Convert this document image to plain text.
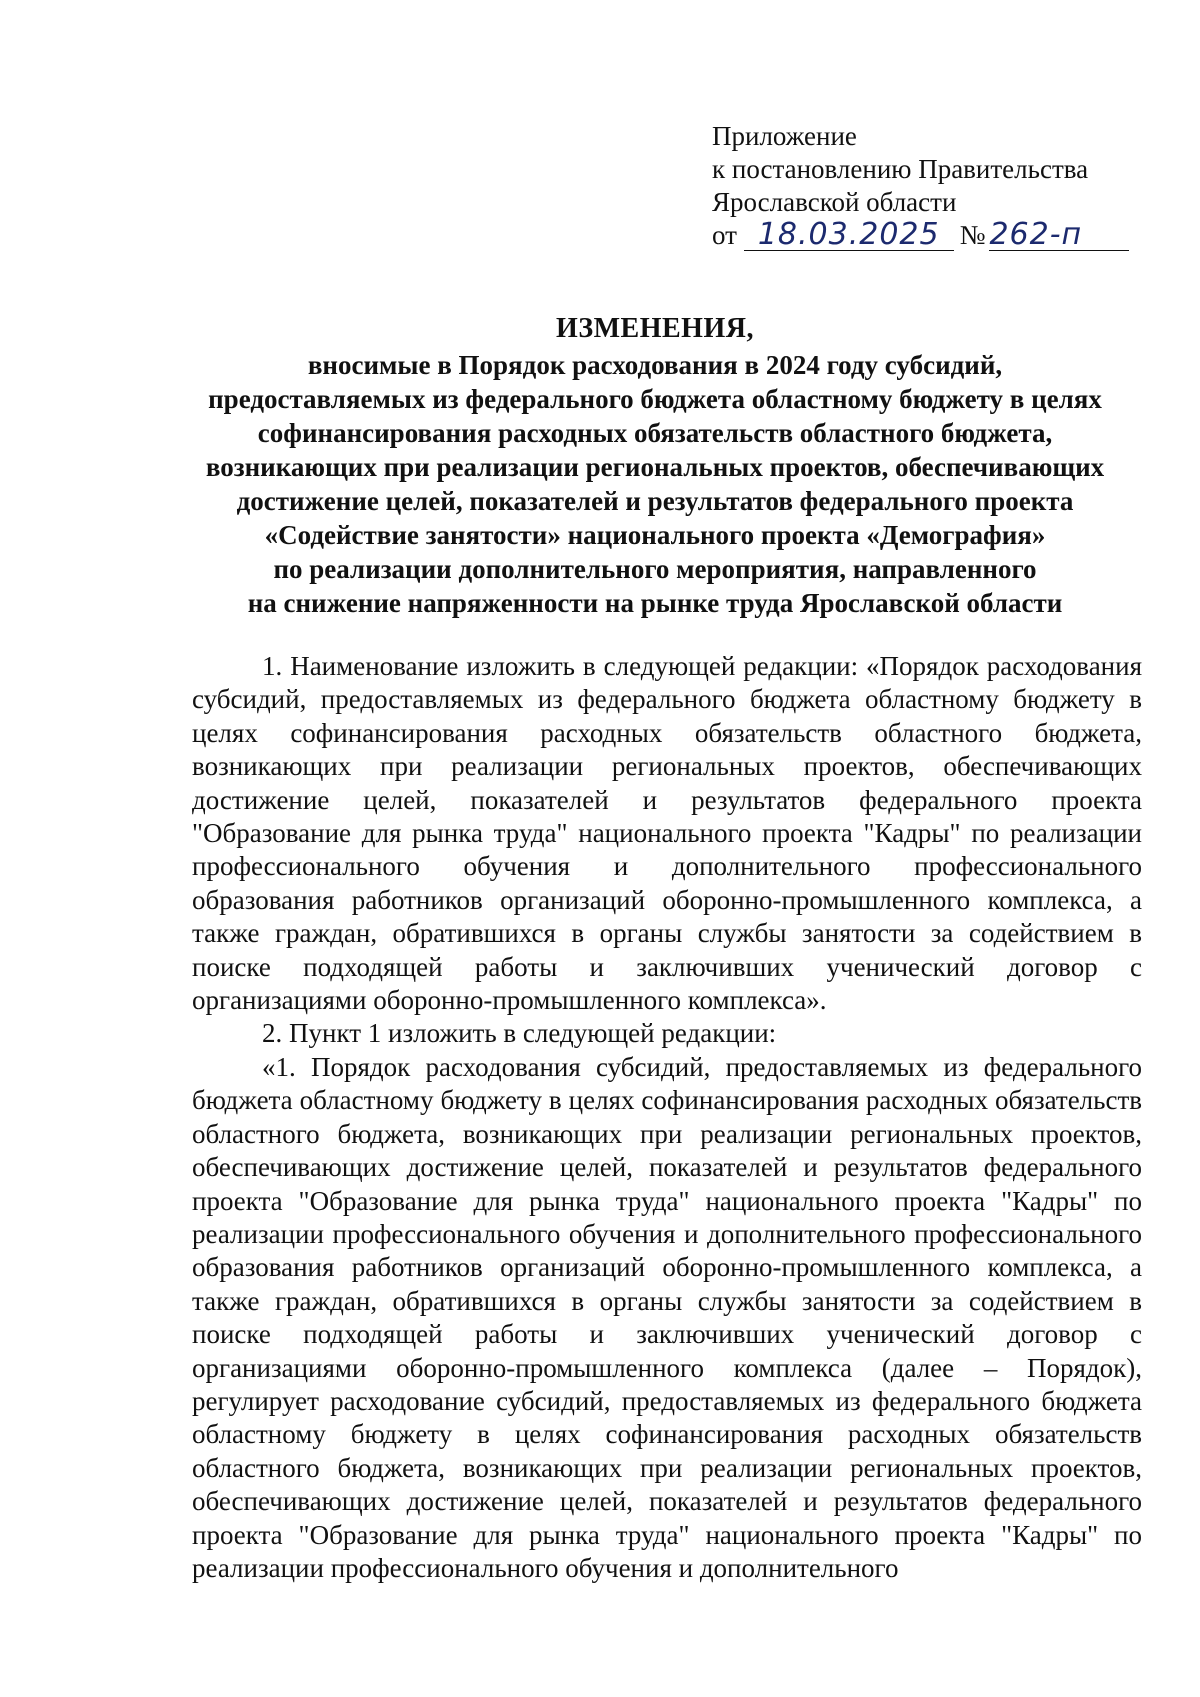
Приложение
к постановлению Правительства
Ярославской области
от 18.03.2025 № 262-п
ИЗМЕНЕНИЯ,
вносимые в Порядок расходования в 2024 году субсидий,
предоставляемых из федерального бюджета областному бюджету в целях
софинансирования расходных обязательств областного бюджета,
возникающих при реализации региональных проектов, обеспечивающих
достижение целей, показателей и результатов федерального проекта
«Содействие занятости» национального проекта «Демография»
по реализации дополнительного мероприятия, направленного
на снижение напряженности на рынке труда Ярославской области

1. Наименование изложить в следующей редакции: «Порядок расходования субсидий, предоставляемых из федерального бюджета областному бюджету в целях софинансирования расходных обязательств областного бюджета, возникающих при реализации региональных проектов, обеспечивающих достижение целей, показателей и результатов федерального проекта "Образование для рынка труда" национального проекта "Кадры" по реализации профессионального обучения и дополнительного профессионального образования работников организаций оборонно-промышленного комплекса, а также граждан, обратившихся в органы службы занятости за содействием в поиске подходящей работы и заключивших ученический договор с организациями оборонно-промышленного комплекса».

2. Пункт 1 изложить в следующей редакции:

«1. Порядок расходования субсидий, предоставляемых из федерального бюджета областному бюджету в целях софинансирования расходных обязательств областного бюджета, возникающих при реализации региональных проектов, обеспечивающих достижение целей, показателей и результатов федерального проекта "Образование для рынка труда" национального проекта "Кадры" по реализации профессионального обучения и дополнительного профессионального образования работников организаций оборонно-промышленного комплекса, а также граждан, обратившихся в органы службы занятости за содействием в поиске подходящей работы и заключивших ученический договор с организациями оборонно-промышленного комплекса (далее – Порядок), регулирует расходование субсидий, предоставляемых из федерального бюджета областному бюджету в целях софинансирования расходных обязательств областного бюджета, возникающих при реализации региональных проектов, обеспечивающих достижение целей, показателей и результатов федерального проекта "Образование для рынка труда" национального проекта "Кадры" по реализации профессионального обучения и дополнительного
